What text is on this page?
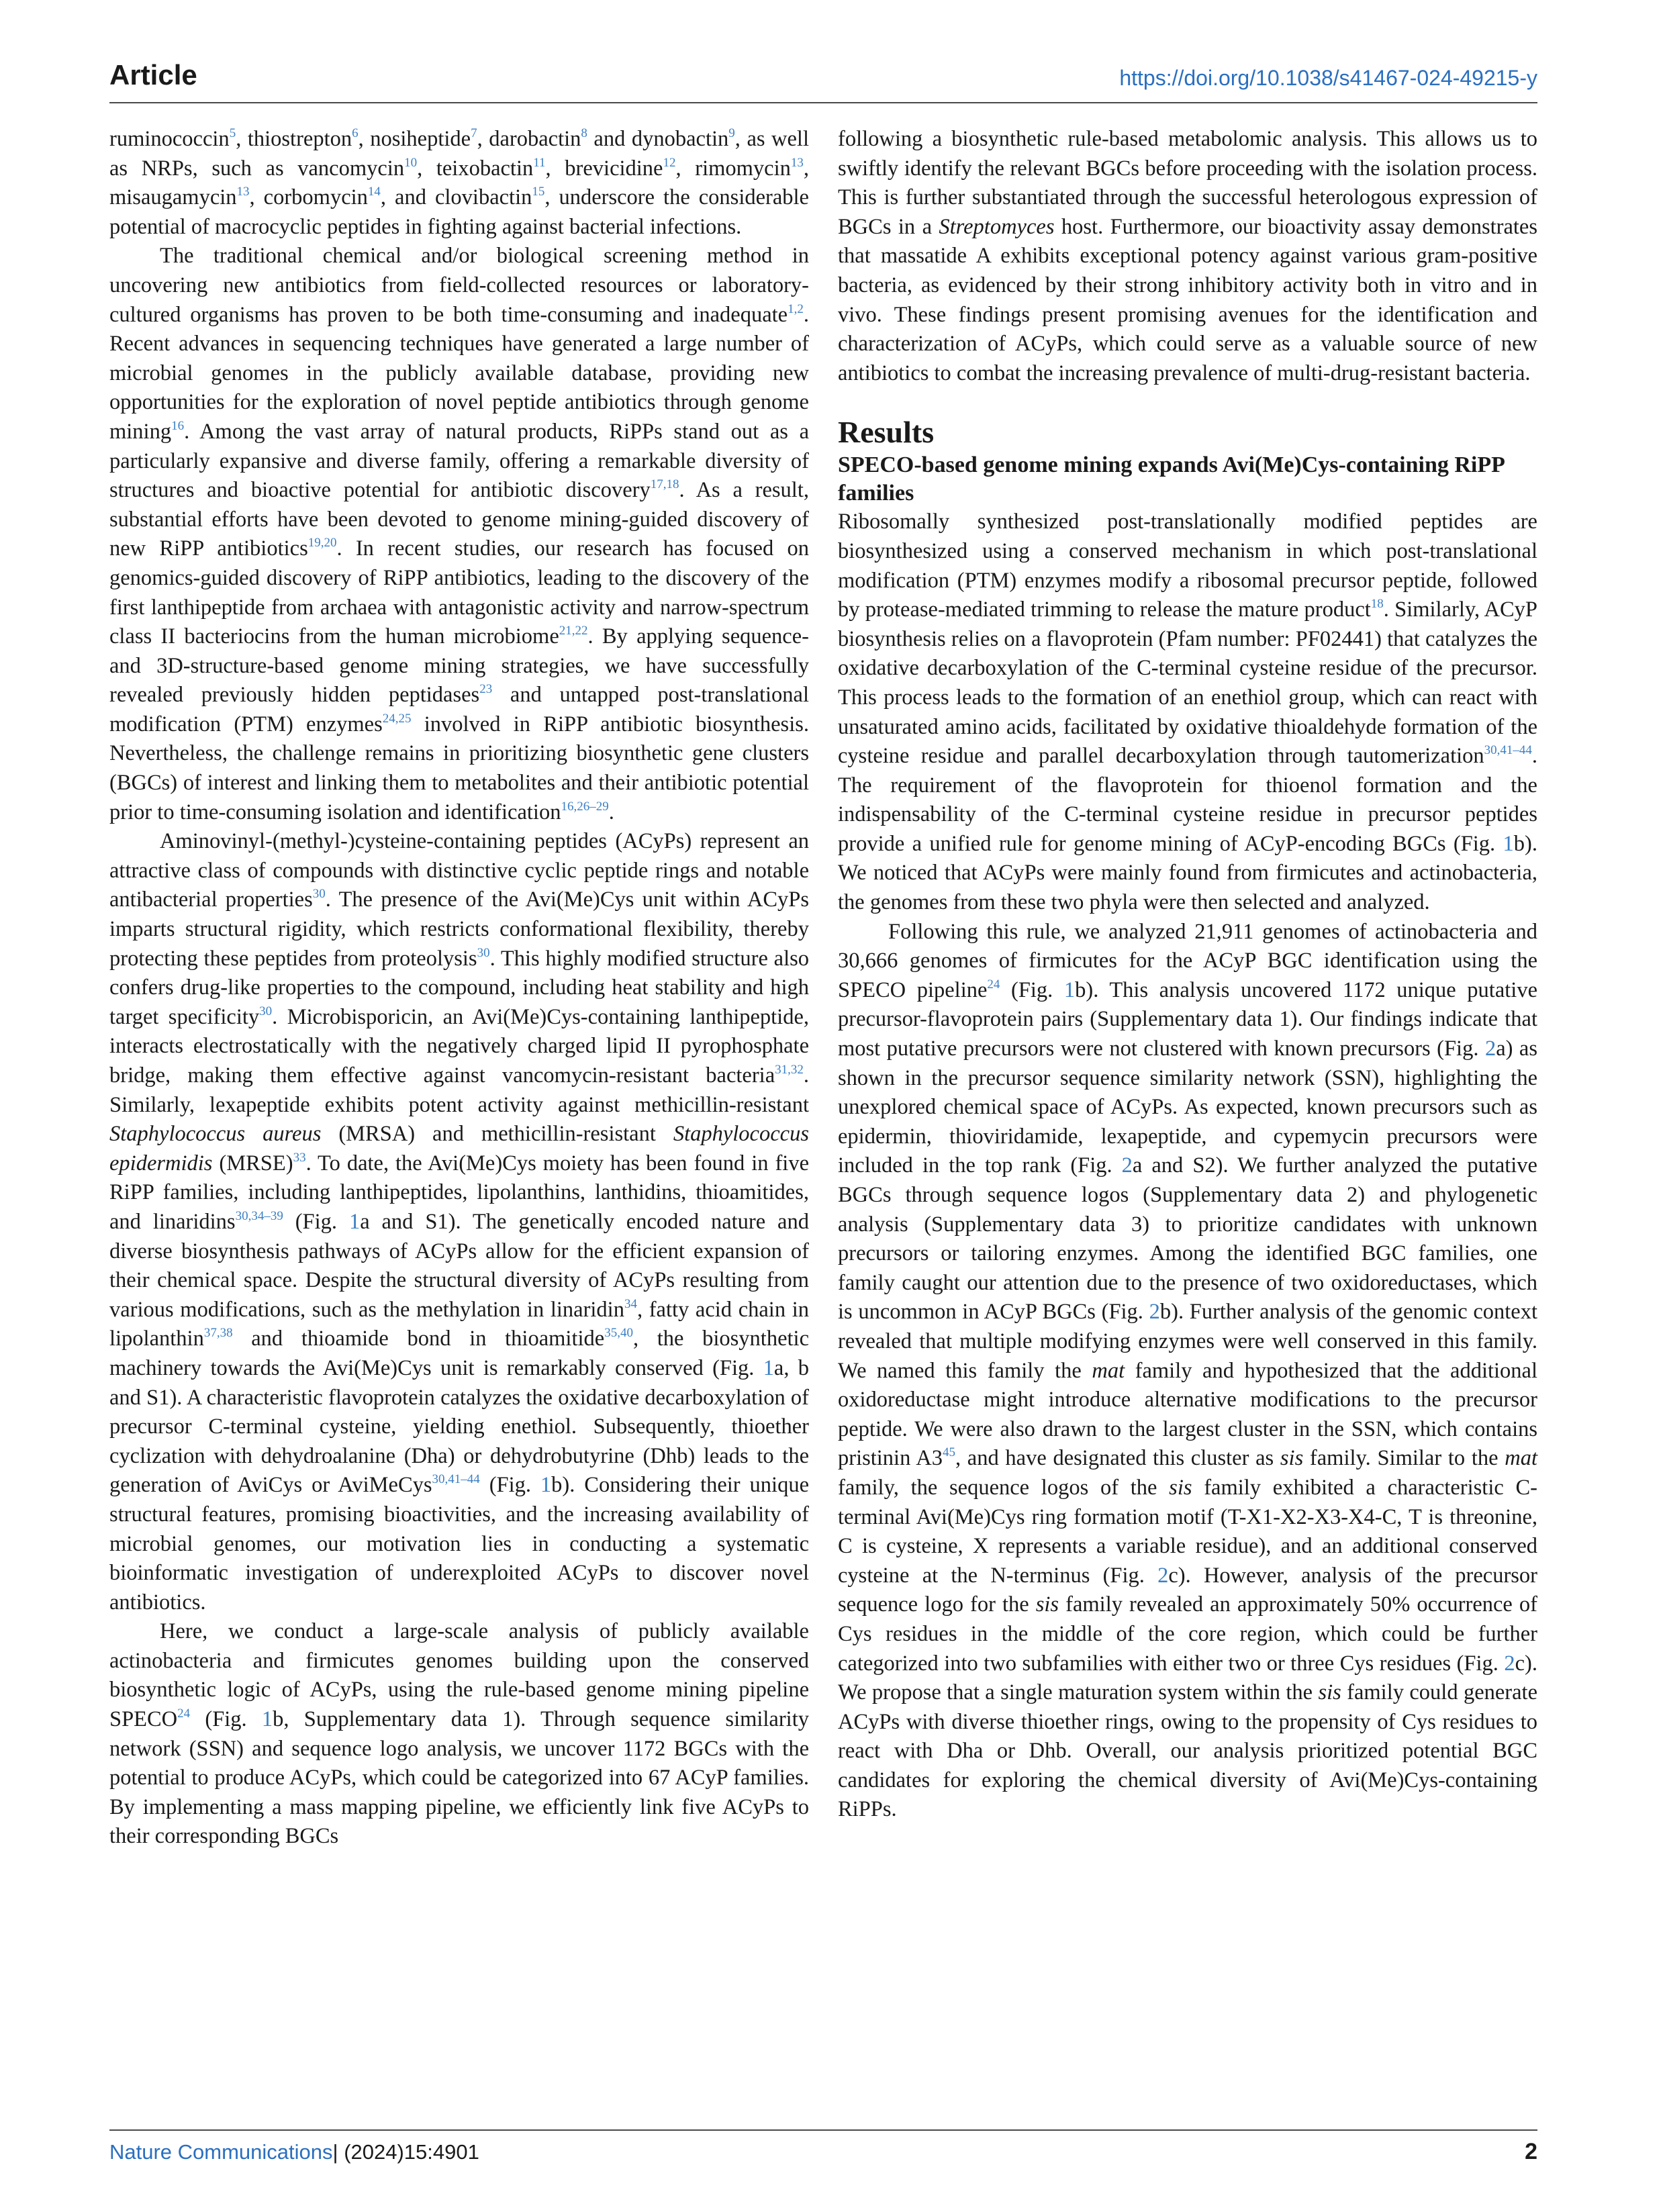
Article	https://doi.org/10.1038/s41467-024-49215-y

ruminococcin$^5$, thiostrepton$^6$, nosiheptide$^7$, darobactin$^8$ and dynobactin$^9$, as well as NRPs, such as vancomycin$^{10}$, teixobactin$^{11}$, brevicidine$^{12}$, rimomycin$^{13}$, misaugamycin$^{13}$, corbomycin$^{14}$, and clovibactin$^{15}$, underscore the considerable potential of macrocyclic peptides in fighting against bacterial infections.

The traditional chemical and/or biological screening method in uncovering new antibiotics from field-collected resources or laboratory-cultured organisms has proven to be both time-consuming and inadequate$^{1,2}$. Recent advances in sequencing techniques have generated a large number of microbial genomes in the publicly available database, providing new opportunities for the exploration of novel peptide antibiotics through genome mining$^{16}$. Among the vast array of natural products, RiPPs stand out as a particularly expansive and diverse family, offering a remarkable diversity of structures and bioactive potential for antibiotic discovery$^{17,18}$. As a result, substantial efforts have been devoted to genome mining-guided discovery of new RiPP antibiotics$^{19,20}$. In recent studies, our research has focused on genomics-guided discovery of RiPP antibiotics, leading to the discovery of the first lanthipeptide from archaea with antagonistic activity and narrow-spectrum class II bacteriocins from the human microbiome$^{21,22}$. By applying sequence- and 3D-structure-based genome mining strategies, we have successfully revealed previously hidden peptidases$^{23}$ and untapped post-translational modification (PTM) enzymes$^{24,25}$ involved in RiPP antibiotic biosynthesis. Nevertheless, the challenge remains in prioritizing biosynthetic gene clusters (BGCs) of interest and linking them to metabolites and their antibiotic potential prior to time-consuming isolation and identification$^{16,26-29}$.

Aminovinyl-(methyl-)cysteine-containing peptides (ACyPs) represent an attractive class of compounds with distinctive cyclic peptide rings and notable antibacterial properties$^{30}$. The presence of the Avi(Me)Cys unit within ACyPs imparts structural rigidity, which restricts conformational flexibility, thereby protecting these peptides from proteolysis$^{30}$. This highly modified structure also confers drug-like properties to the compound, including heat stability and high target specificity$^{30}$. Microbisporicin, an Avi(Me)Cys-containing lanthipeptide, interacts electrostatically with the negatively charged lipid II pyrophosphate bridge, making them effective against vancomycin-resistant bacteria$^{31,32}$. Similarly, lexapeptide exhibits potent activity against methicillin-resistant Staphylococcus aureus (MRSA) and methicillin-resistant Staphylococcus epidermidis (MRSE)$^{33}$. To date, the Avi(Me)Cys moiety has been found in five RiPP families, including lanthipeptides, lipolanthins, lanthidins, thioamitides, and linaridins$^{30,34-39}$ (Fig. 1a and S1). The genetically encoded nature and diverse biosynthesis pathways of ACyPs allow for the efficient expansion of their chemical space. Despite the structural diversity of ACyPs resulting from various modifications, such as the methylation in linaridin$^{34}$, fatty acid chain in lipolanthin$^{37,38}$ and thioamide bond in thioamitide$^{35,40}$, the biosynthetic machinery towards the Avi(Me)Cys unit is remarkably conserved (Fig. 1a, b and S1). A characteristic flavoprotein catalyzes the oxidative decarboxylation of precursor C-terminal cysteine, yielding enethiol. Subsequently, thioether cyclization with dehydroalanine (Dha) or dehydrobutyrine (Dhb) leads to the generation of AviCys or AviMeCys$^{30,41-44}$ (Fig. 1b). Considering their unique structural features, promising bioactivities, and the increasing availability of microbial genomes, our motivation lies in conducting a systematic bioinformatic investigation of underexploited ACyPs to discover novel antibiotics.

Here, we conduct a large-scale analysis of publicly available actinobacteria and firmicutes genomes building upon the conserved biosynthetic logic of ACyPs, using the rule-based genome mining pipeline SPECO$^{24}$ (Fig. 1b, Supplementary data 1). Through sequence similarity network (SSN) and sequence logo analysis, we uncover 1172 BGCs with the potential to produce ACyPs, which could be categorized into 67 ACyP families. By implementing a mass mapping pipeline, we efficiently link five ACyPs to their corresponding BGCs

following a biosynthetic rule-based metabolomic analysis. This allows us to swiftly identify the relevant BGCs before proceeding with the isolation process. This is further substantiated through the successful heterologous expression of BGCs in a Streptomyces host. Furthermore, our bioactivity assay demonstrates that massatide A exhibits exceptional potency against various gram-positive bacteria, as evidenced by their strong inhibitory activity both in vitro and in vivo. These findings present promising avenues for the identification and characterization of ACyPs, which could serve as a valuable source of new antibiotics to combat the increasing prevalence of multi-drug-resistant bacteria.

Results
SPECO-based genome mining expands Avi(Me)Cys-containing RiPP families

Ribosomally synthesized post-translationally modified peptides are biosynthesized using a conserved mechanism in which post-translational modification (PTM) enzymes modify a ribosomal precursor peptide, followed by protease-mediated trimming to release the mature product$^{18}$. Similarly, ACyP biosynthesis relies on a flavoprotein (Pfam number: PF02441) that catalyzes the oxidative decarboxylation of the C-terminal cysteine residue of the precursor. This process leads to the formation of an enethiol group, which can react with unsaturated amino acids, facilitated by oxidative thioaldehyde formation of the cysteine residue and parallel decarboxylation through tautomerization$^{30,41-44}$. The requirement of the flavoprotein for thioenol formation and the indispensability of the C-terminal cysteine residue in precursor peptides provide a unified rule for genome mining of ACyP-encoding BGCs (Fig. 1b). We noticed that ACyPs were mainly found from firmicutes and actinobacteria, the genomes from these two phyla were then selected and analyzed.

Following this rule, we analyzed 21,911 genomes of actinobacteria and 30,666 genomes of firmicutes for the ACyP BGC identification using the SPECO pipeline$^{24}$ (Fig. 1b). This analysis uncovered 1172 unique putative precursor-flavoprotein pairs (Supplementary data 1). Our findings indicate that most putative precursors were not clustered with known precursors (Fig. 2a) as shown in the precursor sequence similarity network (SSN), highlighting the unexplored chemical space of ACyPs. As expected, known precursors such as epidermin, thioviridamide, lexapeptide, and cypemycin precursors were included in the top rank (Fig. 2a and S2). We further analyzed the putative BGCs through sequence logos (Supplementary data 2) and phylogenetic analysis (Supplementary data 3) to prioritize candidates with unknown precursors or tailoring enzymes. Among the identified BGC families, one family caught our attention due to the presence of two oxidoreductases, which is uncommon in ACyP BGCs (Fig. 2b). Further analysis of the genomic context revealed that multiple modifying enzymes were well conserved in this family. We named this family the mat family and hypothesized that the additional oxidoreductase might introduce alternative modifications to the precursor peptide. We were also drawn to the largest cluster in the SSN, which contains pristinin $A3^{45}$, and have designated this cluster as sis family. Similar to the mat family, the sequence logos of the sis family exhibited a characteristic C-terminal Avi(Me)Cys ring formation motif (T-X1-X2-X3-X4-C, T is threonine, C is cysteine, X represents a variable residue), and an additional conserved cysteine at the N-terminus (Fig. 2c). However, analysis of the precursor sequence logo for the sis family revealed an approximately 50% occurrence of Cys residues in the middle of the core region, which could be further categorized into two subfamilies with either two or three Cys residues (Fig. 2c). We propose that a single maturation system within the sis family could generate ACyPs with diverse thioether rings, owing to the propensity of Cys residues to react with Dha or Dhb. Overall, our analysis prioritized potential BGC candidates for exploring the chemical diversity of Avi(Me)Cys-containing RiPPs.

Nature Communications| (2024)15:4901	2
